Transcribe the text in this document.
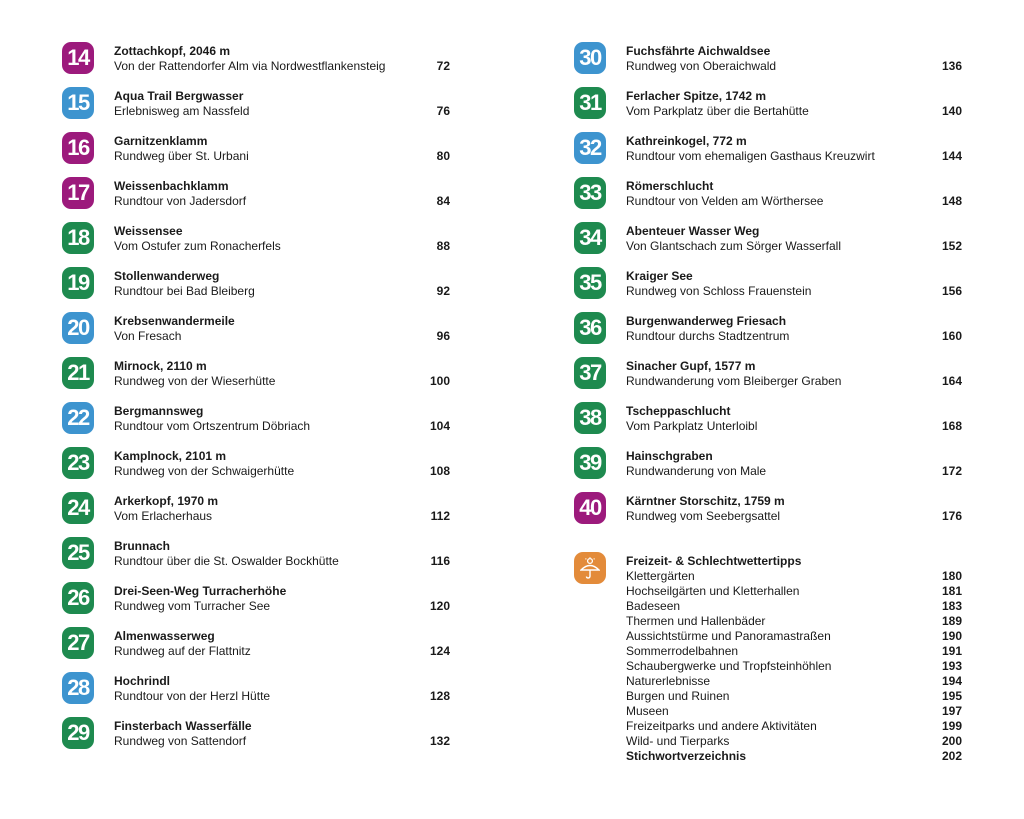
14	Zottachkopf, 2046 m
Von der Rattendorfer Alm via Nordwestflankensteig	72
15	Aqua Trail Bergwasser
Erlebnisweg am Nassfeld	76
16	Garnitzenklamm
Rundweg über St. Urbani	80
17	Weissenbachklamm
Rundtour von Jadersdorf	84
18	Weissensee
Vom Ostufer zum Ronacherfels	88
19	Stollenwanderweg
Rundtour bei Bad Bleiberg	92
20	Krebsenwandermeile
Von Fresach	96
21	Mirnock, 2110 m
Rundweg von der Wieserhütte	100
22	Bergmannsweg
Rundtour vom Ortszentrum Döbriach	104
23	Kamplnock, 2101 m
Rundweg von der Schwaigerhütte	108
24	Arkerkopf, 1970 m
Vom Erlacherhaus	112
25	Brunnach
Rundtour über die St. Oswalder Bockhütte	116
26	Drei-Seen-Weg Turracherhöhe
Rundweg vom Turracher See	120
27	Almenwasserweg
Rundweg auf der Flattnitz	124
28	Hochrindl
Rundtour von der Herzl Hütte	128
29	Finsterbach Wasserfälle
Rundweg von Sattendorf	132
30	Fuchsfährte Aichwaldsee
Rundweg von Oberaichwald	136
31	Ferlacher Spitze, 1742 m
Vom Parkplatz über die Bertahütte	140
32	Kathreinkogel, 772 m
Rundtour vom ehemaligen Gasthaus Kreuzwirt	144
33	Römerschlucht
Rundtour von Velden am Wörthersee	148
34	Abenteuer Wasser Weg
Von Glantschach zum Sörger Wasserfall	152
35	Kraiger See
Rundweg von Schloss Frauenstein	156
36	Burgenwanderweg Friesach
Rundtour durchs Stadtzentrum	160
37	Sinacher Gupf, 1577 m
Rundwanderung vom Bleiberger Graben	164
38	Tscheppaschlucht
Vom Parkplatz Unterloibl	168
39	Hainschgraben
Rundwanderung von Male	172
40	Kärntner Storschitz, 1759 m
Rundweg vom Seebergsattel	176
Freizeit- & Schlechtwettertipps
Klettergärten	180
Hochseilgärten und Kletterhallen	181
Badeseen	183
Thermen und Hallenbäder	189
Aussichtstürme und Panoramastraßen	190
Sommerrodelbahnen	191
Schaubergwerke und Tropfsteinhöhlen	193
Naturerlebnisse	194
Burgen und Ruinen	195
Museen	197
Freizeitparks und andere Aktivitäten	199
Wild- und Tierparks	200
Stichwortverzeichnis	202
